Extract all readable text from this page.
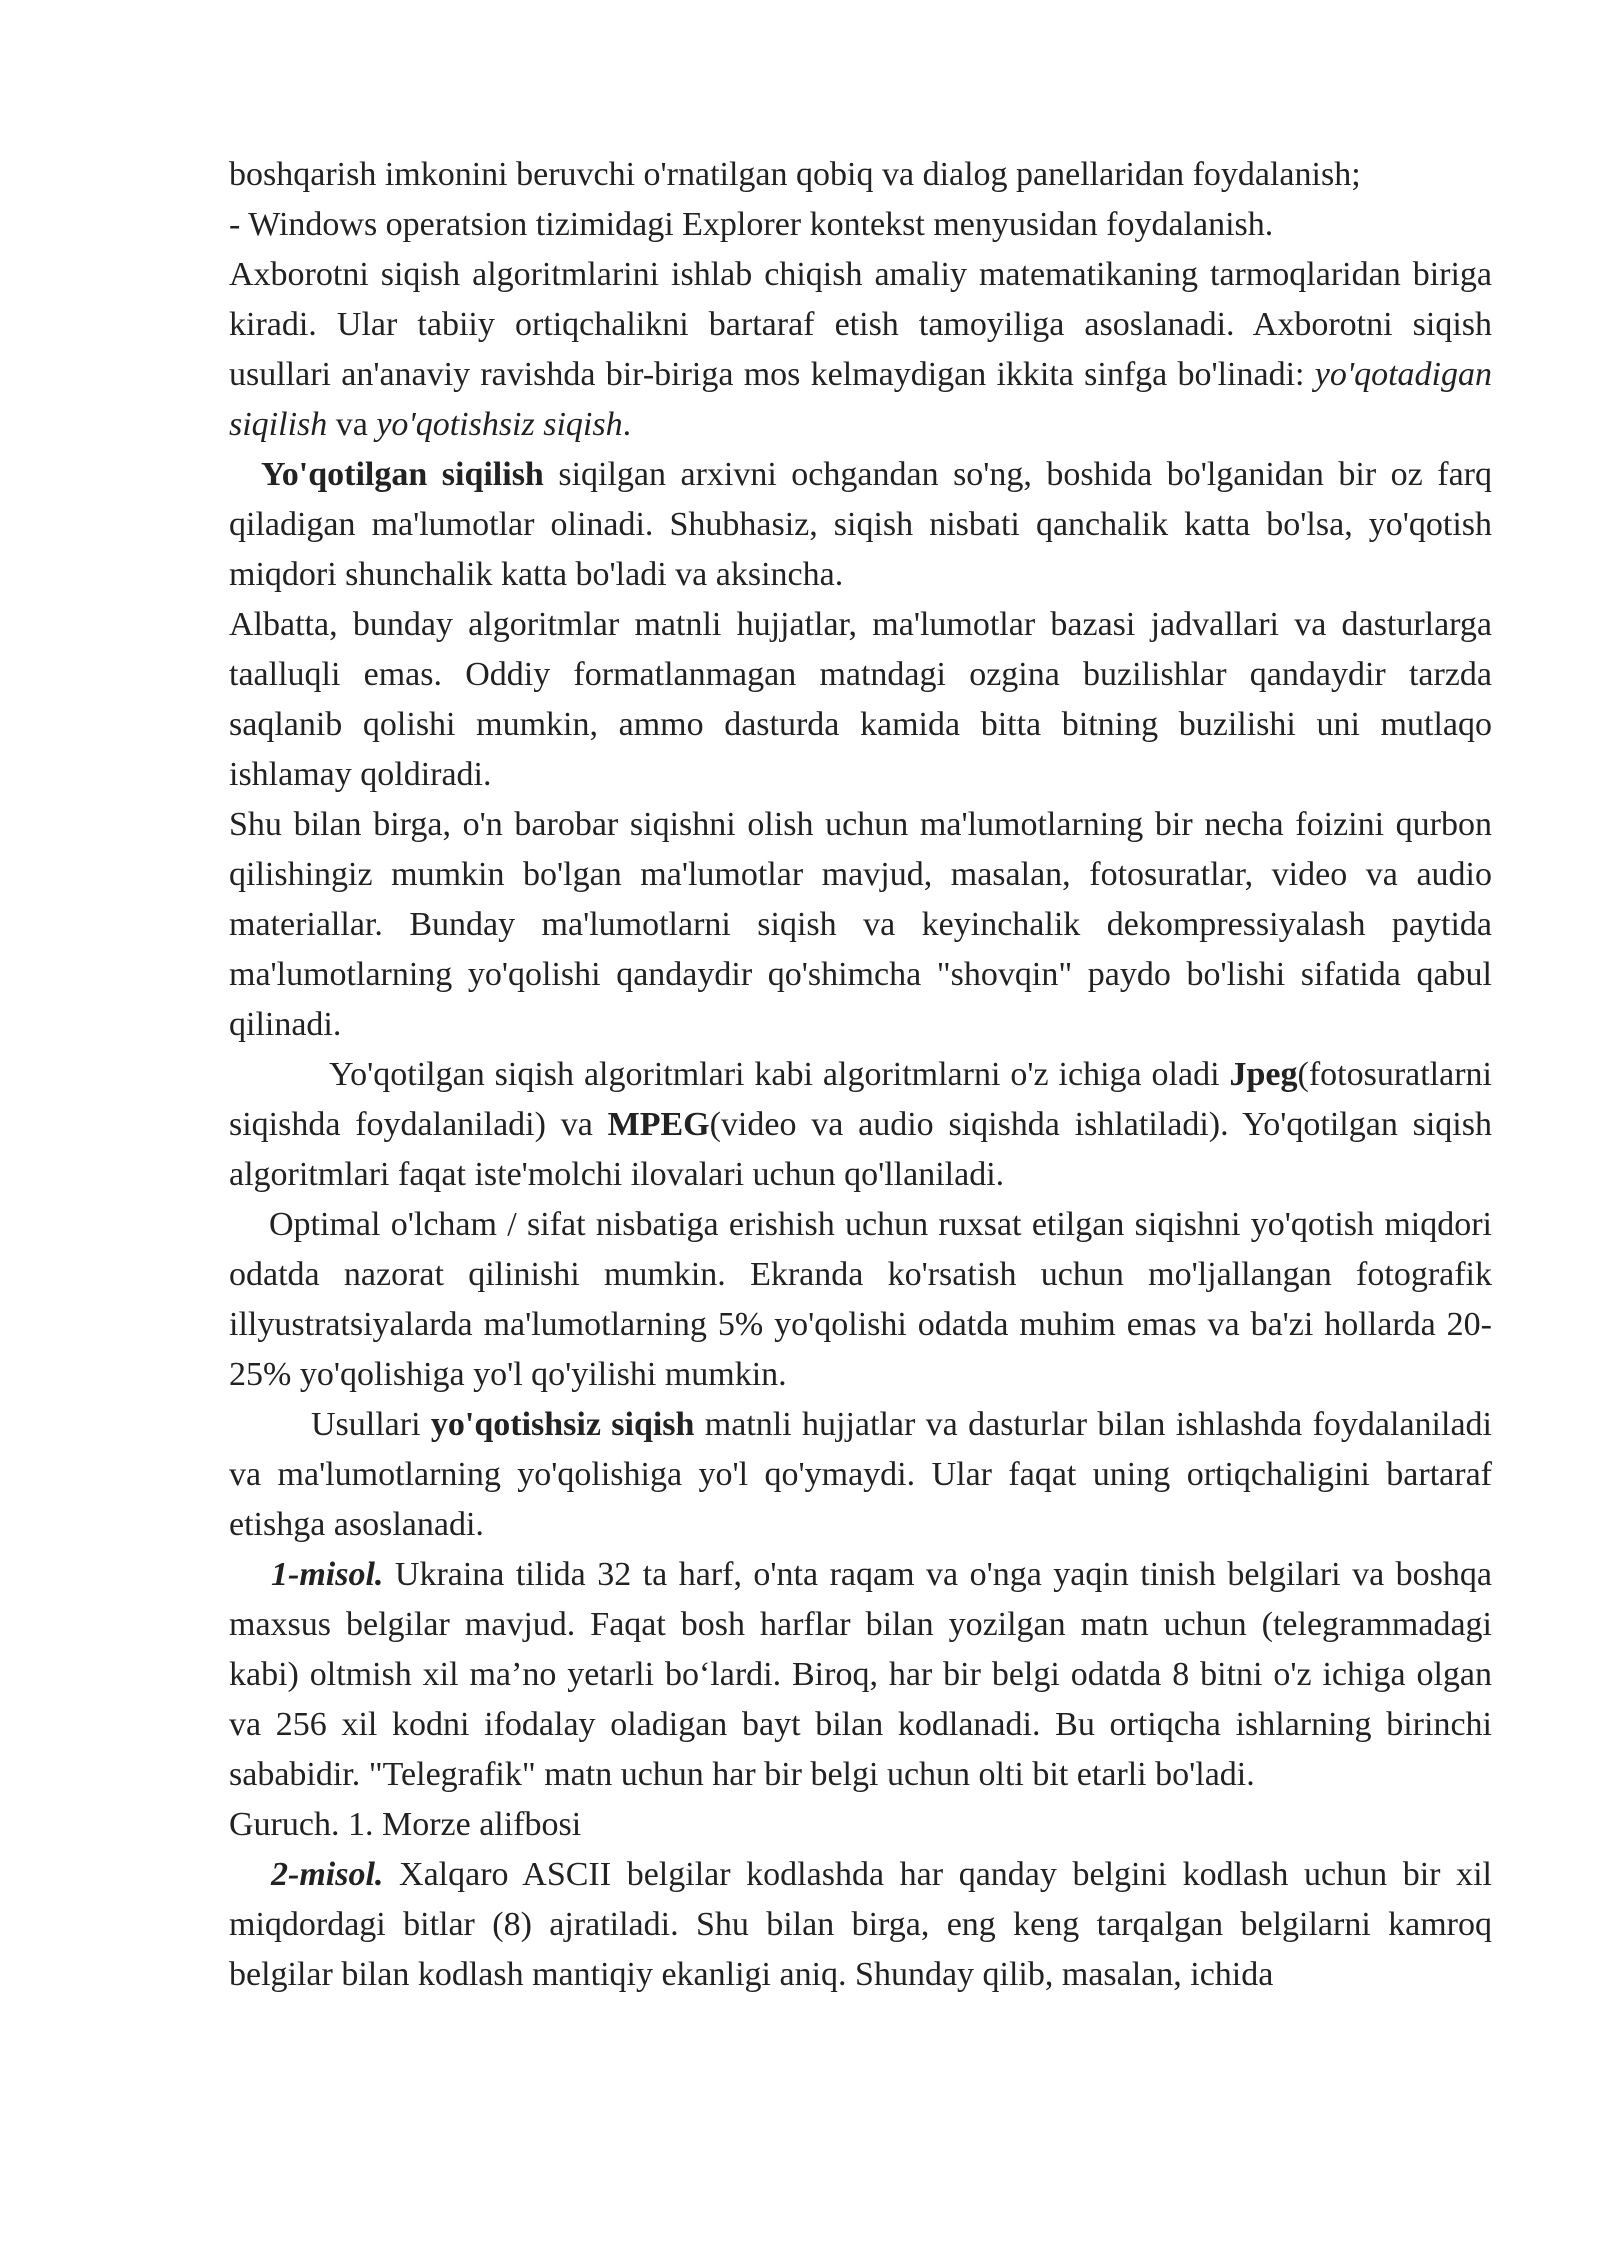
boshqarish imkonini beruvchi o'rnatilgan qobiq va dialog panellaridan foydalanish;

- Windows operatsion tizimidagi Explorer kontekst menyusidan foydalanish.

Axborotni siqish algoritmlarini ishlab chiqish amaliy matematikaning tarmoqlaridan biriga kiradi. Ular tabiiy ortiqchalikni bartaraf etish tamoyiliga asoslanadi. Axborotni siqish usullari an'anaviy ravishda bir-biriga mos kelmaydigan ikkita sinfga bo'linadi: yo'qotadigan siqilish va yo'qotishsiz siqish.

Yo'qotilgan siqilish siqilgan arxivni ochgandan so'ng, boshida bo'lganidan bir oz farq qiladigan ma'lumotlar olinadi. Shubhasiz, siqish nisbati qanchalik katta bo'lsa, yo'qotish miqdori shunchalik katta bo'ladi va aksincha.

Albatta, bunday algoritmlar matnli hujjatlar, ma'lumotlar bazasi jadvallari va dasturlarga taalluqli emas. Oddiy formatlanmagan matndagi ozgina buzilishlar qandaydir tarzda saqlanib qolishi mumkin, ammo dasturda kamida bitta bitning buzilishi uni mutlaqo ishlamay qoldiradi.

Shu bilan birga, o'n barobar siqishni olish uchun ma'lumotlarning bir necha foizini qurbon qilishingiz mumkin bo'lgan ma'lumotlar mavjud, masalan, fotosuratlar, video va audio materiallar. Bunday ma'lumotlarni siqish va keyinchalik dekompressiyalash paytida ma'lumotlarning yo'qolishi qandaydir qo'shimcha "shovqin" paydo bo'lishi sifatida qabul qilinadi.

Yo'qotilgan siqish algoritmlari kabi algoritmlarni o'z ichiga oladi Jpeg(fotosuratlarni siqishda foydalaniladi) va MPEG(video va audio siqishda ishlatiladi). Yo'qotilgan siqish algoritmlari faqat iste'molchi ilovalari uchun qo'llaniladi.

Optimal o'lcham / sifat nisbatiga erishish uchun ruxsat etilgan siqishni yo'qotish miqdori odatda nazorat qilinishi mumkin. Ekranda ko'rsatish uchun mo'ljallangan fotografik illyustratsiyalarda ma'lumotlarning 5% yo'qolishi odatda muhim emas va ba'zi hollarda 20-25% yo'qolishiga yo'l qo'yilishi mumkin.

Usullari yo'qotishsiz siqish matnli hujjatlar va dasturlar bilan ishlashda foydalaniladi va ma'lumotlarning yo'qolishiga yo'l qo'ymaydi. Ular faqat uning ortiqchaligini bartaraf etishga asoslanadi.

1-misol. Ukraina tilida 32 ta harf, o'nta raqam va o'nga yaqin tinish belgilari va boshqa maxsus belgilar mavjud. Faqat bosh harflar bilan yozilgan matn uchun (telegrammadagi kabi) oltmish xil ma’no yetarli bo‘lardi. Biroq, har bir belgi odatda 8 bitni o'z ichiga olgan va 256 xil kodni ifodalay oladigan bayt bilan kodlanadi. Bu ortiqcha ishlarning birinchi sababidir. "Telegrafik" matn uchun har bir belgi uchun olti bit etarli bo'ladi.

Guruch. 1. Morze alifbosi

2-misol. Xalqaro ASCII belgilar kodlashda har qanday belgini kodlash uchun bir xil miqdordagi bitlar (8) ajratiladi. Shu bilan birga, eng keng tarqalgan belgilarni kamroq belgilar bilan kodlash mantiqiy ekanligi aniq. Shunday qilib, masalan, ichida
